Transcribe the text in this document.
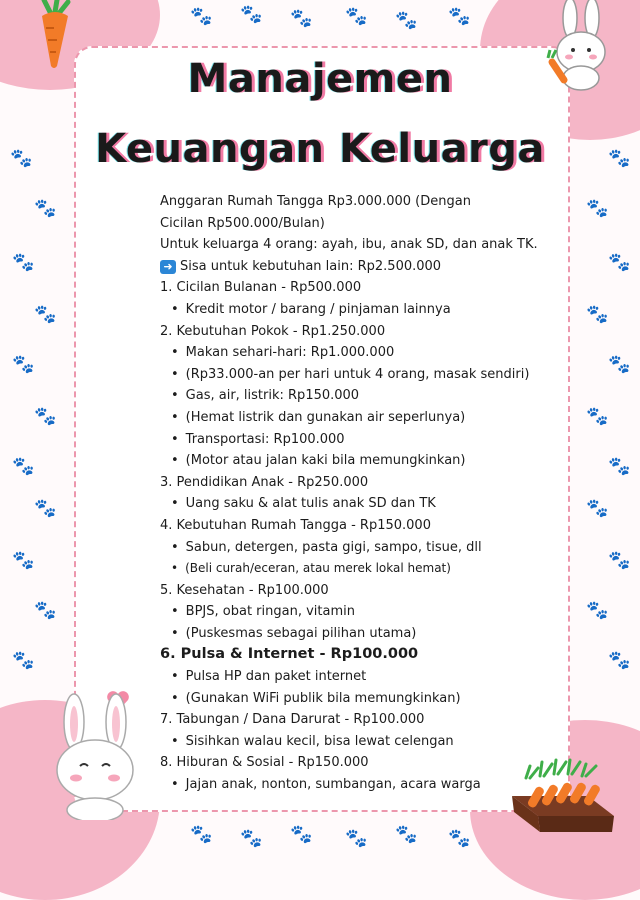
🐾 🐾 🐾 🐾 🐾 🐾
🐾
🐾
🐾
🐾
🐾
🐾
🐾
🐾
🐾
🐾
🐾
🐾
🐾
🐾
🐾
🐾
🐾
🐾
🐾
🐾
🐾
🐾
🐾 🐾 🐾 🐾 🐾 🐾
Manajemen
Keuangan Keluarga
Anggaran Rumah Tangga Rp3.000.000 (Dengan Cicilan Rp500.000/Bulan)
Untuk keluarga 4 orang: ayah, ibu, anak SD, dan anak TK.
➜ Sisa untuk kebutuhan lain: Rp2.500.000
1. Cicilan Bulanan - Rp500.000
• Kredit motor / barang / pinjaman lainnya
2. Kebutuhan Pokok - Rp1.250.000
• Makan sehari-hari: Rp1.000.000
• (Rp33.000-an per hari untuk 4 orang, masak sendiri)
• Gas, air, listrik: Rp150.000
• (Hemat listrik dan gunakan air seperlunya)
• Transportasi: Rp100.000
• (Motor atau jalan kaki bila memungkinkan)
3. Pendidikan Anak - Rp250.000
• Uang saku & alat tulis anak SD dan TK
4. Kebutuhan Rumah Tangga - Rp150.000
• Sabun, detergen, pasta gigi, sampo, tisue, dll
• (Beli curah/eceran, atau merek lokal hemat)
5. Kesehatan - Rp100.000
• BPJS, obat ringan, vitamin
• (Puskesmas sebagai pilihan utama)
6. Pulsa & Internet - Rp100.000
• Pulsa HP dan paket internet
• (Gunakan WiFi publik bila memungkinkan)
7. Tabungan / Dana Darurat - Rp100.000
• Sisihkan walau kecil, bisa lewat celengan
8. Hiburan & Sosial - Rp150.000
• Jajan anak, nonton, sumbangan, acara warga
